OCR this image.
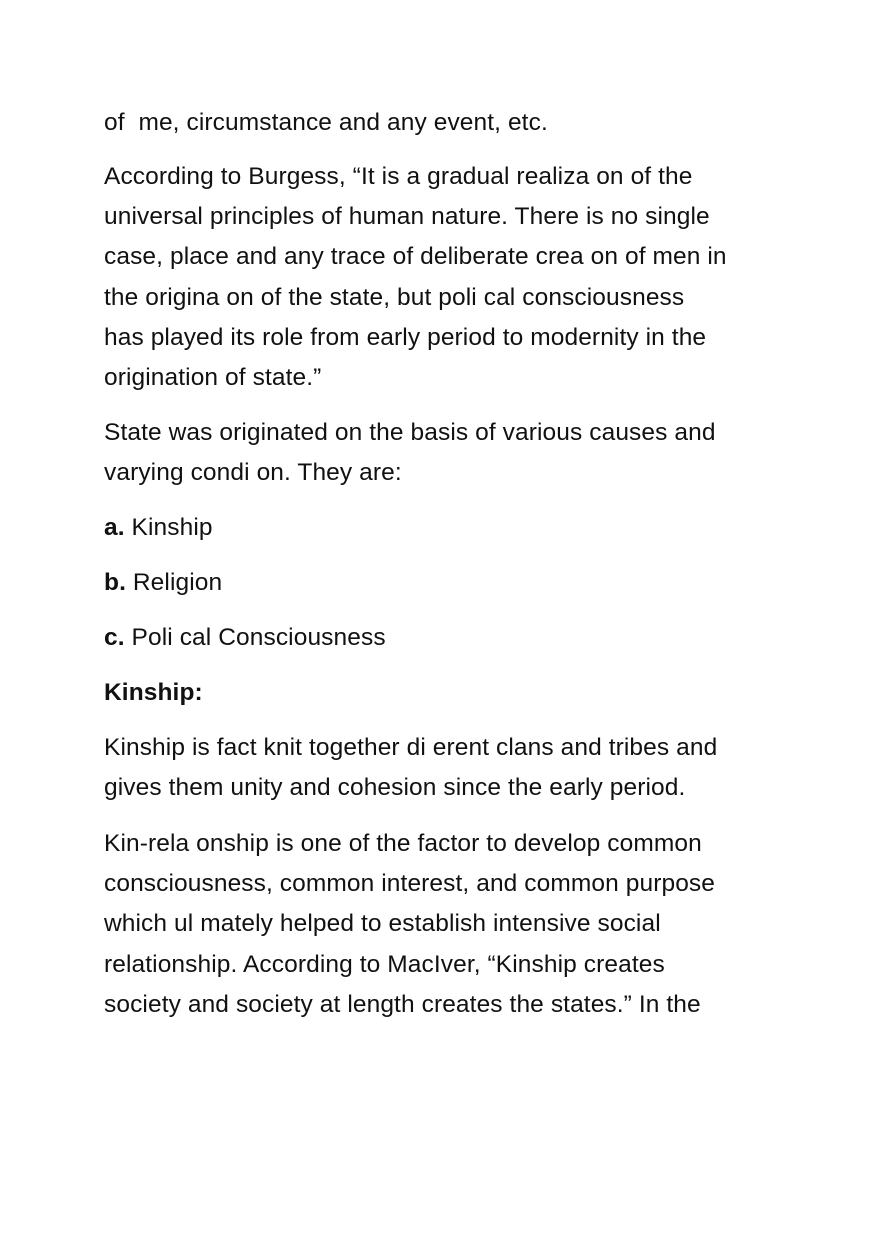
of  me, circumstance and any event, etc.
According to Burgess, “It is a gradual realiza on of the
universal principles of human nature. There is no single
case, place and any trace of deliberate crea on of men in
the origina on of the state, but poli cal consciousness
has played its role from early period to modernity in the
origination of state.”
State was originated on the basis of various causes and
varying condi on. They are:
a. Kinship
b. Religion
c. Poli cal Consciousness
Kinship:
Kinship is fact knit together di erent clans and tribes and
gives them unity and cohesion since the early period.
Kin-rela onship is one of the factor to develop common
consciousness, common interest, and common purpose
which ul mately helped to establish intensive social
relationship. According to MacIver, “Kinship creates
society and society at length creates the states.” In the
